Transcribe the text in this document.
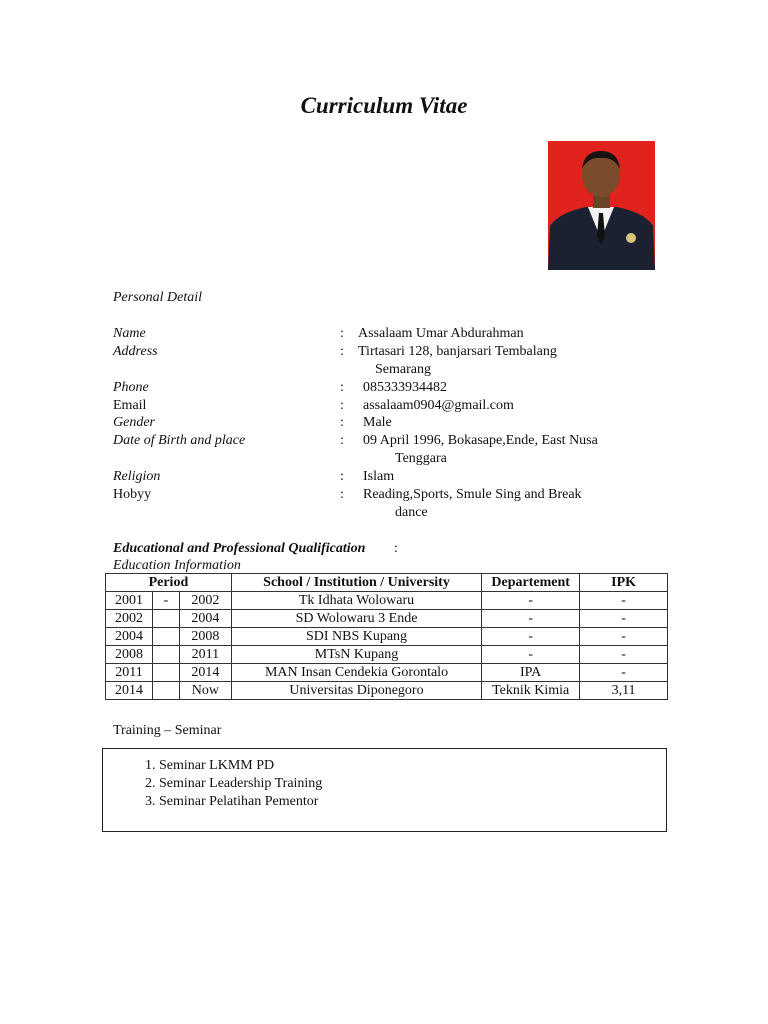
Curriculum Vitae
Personal Detail
Name	: Assalaam Umar Abdurahman
Address	: Tirtasari 128, banjarsari Tembalang
Semarang
Phone	: 085333934482
Email	: assalaam0904@gmail.com
Gender	: Male
Date of Birth and place	: 09 April 1996, Bokasape,Ende, East Nusa
Tenggara
Religion	: Islam
Hobyy	: Reading,Sports, Smule Sing and Break
dance
Educational and Professional Qualification :
Education Information
Period			School / Institution / University	Departement	IPK
2001	-	2002	Tk Idhata Wolowaru	-	-
2002		2004	SD Wolowaru 3 Ende	-	-
2004		2008	SDI NBS Kupang	-	-
2008		2011	MTsN Kupang	-	-
2011		2014	MAN Insan Cendekia Gorontalo	IPA	-
2014		Now	Universitas Diponegoro	Teknik Kimia	3,11
Training – Seminar
1. Seminar LKMM PD
2. Seminar Leadership Training
3. Seminar Pelatihan Pementor
